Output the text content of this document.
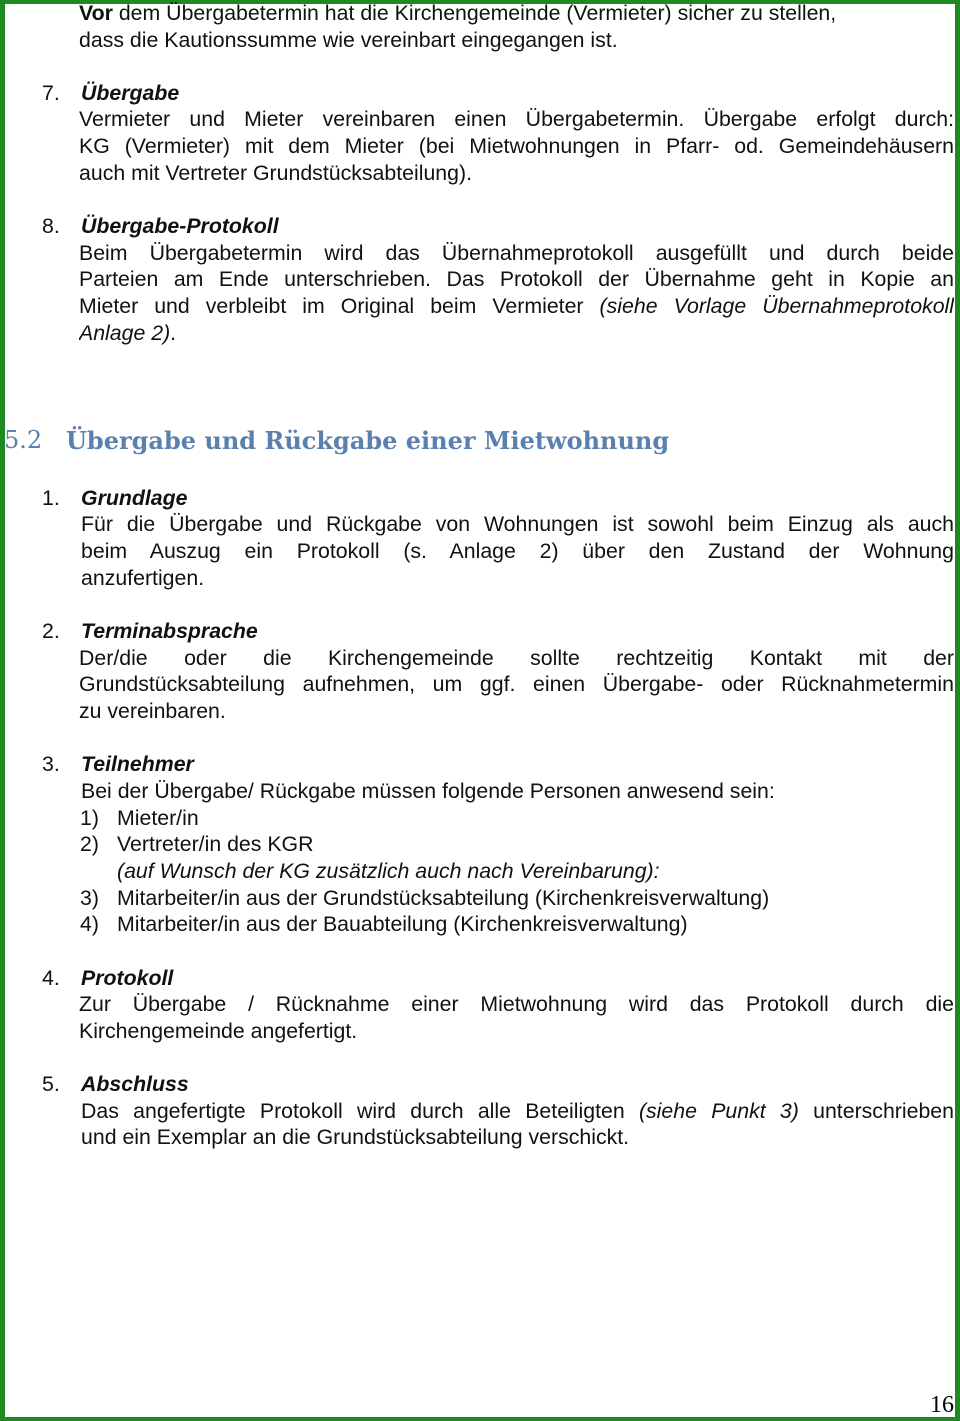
Vor dem Übergabetermin hat die Kirchengemeinde (Vermieter) sicher zu stellen,
dass die Kautionssumme wie vereinbart eingegangen ist.
7. Übergabe
Vermieter und Mieter vereinbaren einen Übergabetermin. Übergabe erfolgt durch:
KG (Vermieter) mit dem Mieter (bei Mietwohnungen in Pfarr- od. Gemeindehäusern
auch mit Vertreter Grundstücksabteilung).
8. Übergabe-Protokoll
Beim Übergabetermin wird das Übernahmeprotokoll ausgefüllt und durch beide
Parteien am Ende unterschrieben. Das Protokoll der Übernahme geht in Kopie an
Mieter und verbleibt im Original beim Vermieter (siehe Vorlage Übernahmeprotokoll
Anlage 2).
5.2 Übergabe und Rückgabe einer Mietwohnung
1. Grundlage
Für die Übergabe und Rückgabe von Wohnungen ist sowohl beim Einzug als auch
beim Auszug ein Protokoll (s. Anlage 2) über den Zustand der Wohnung
anzufertigen.
2. Terminabsprache
Der/die oder die Kirchengemeinde sollte rechtzeitig Kontakt mit der
Grundstücksabteilung aufnehmen, um ggf. einen Übergabe- oder Rücknahmetermin
zu vereinbaren.
3. Teilnehmer
Bei der Übergabe/ Rückgabe müssen folgende Personen anwesend sein:
1) Mieter/in
2) Vertreter/in des KGR
(auf Wunsch der KG zusätzlich auch nach Vereinbarung):
3) Mitarbeiter/in aus der Grundstücksabteilung (Kirchenkreisverwaltung)
4) Mitarbeiter/in aus der Bauabteilung (Kirchenkreisverwaltung)
4. Protokoll
Zur Übergabe / Rücknahme einer Mietwohnung wird das Protokoll durch die
Kirchengemeinde angefertigt.
5. Abschluss
Das angefertigte Protokoll wird durch alle Beteiligten (siehe Punkt 3) unterschrieben
und ein Exemplar an die Grundstücksabteilung verschickt.
16
